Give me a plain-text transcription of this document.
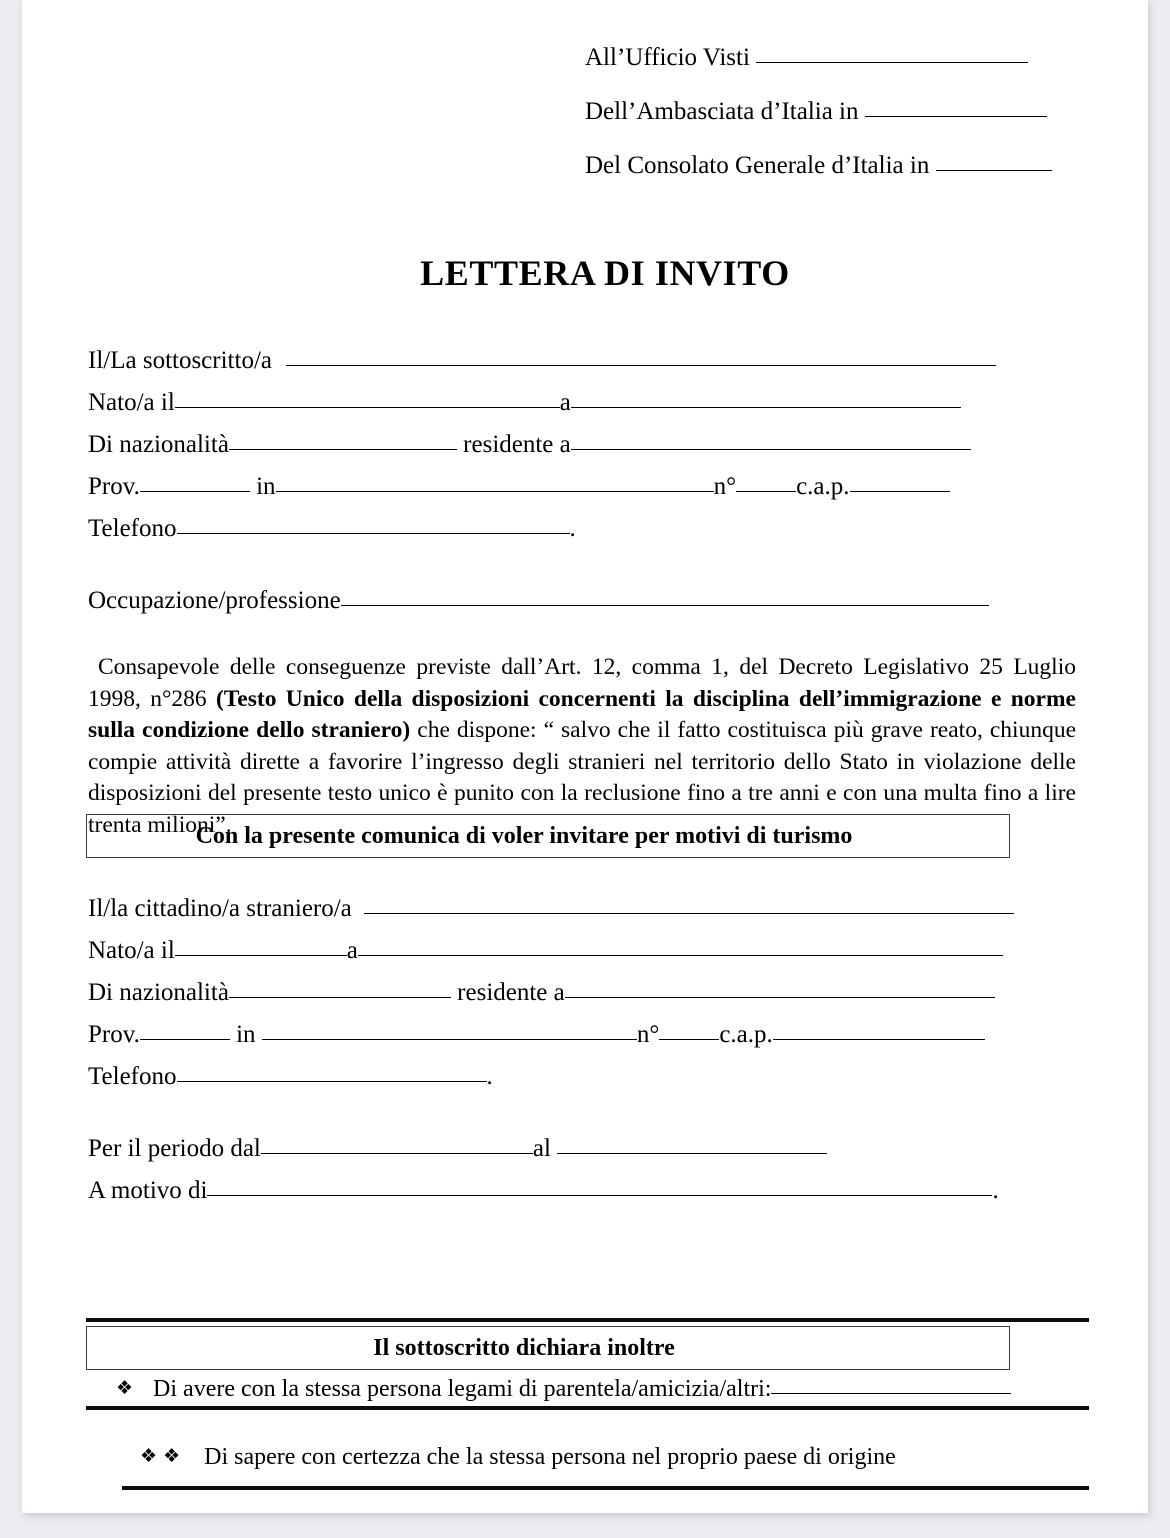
All’Ufficio Visti
Dell’Ambasciata d’Italia in
Del Consolato Generale d’Italia in
LETTERA DI INVITO
Il/La sottoscritto/a
Nato/a il	a
Di nazionalità	residente a
Prov.	in	n° c.a.p.
Telefono	.
Occupazione/professione
Consapevole delle conseguenze previste dall’Art. 12, comma 1, del Decreto Legislativo 25 Luglio 1998, n°286 (Testo Unico della disposizioni concernenti la disciplina dell’immigrazione e norme sulla condizione dello straniero) che dispone: “ salvo che il fatto costituisca più grave reato, chiunque compie attività dirette a favorire l’ingresso degli stranieri nel territorio dello Stato in violazione delle disposizioni del presente testo unico è punito con la reclusione fino a tre anni e con una multa fino a lire trenta milioni”.
Con la presente comunica di voler invitare per motivi di turismo
Il/la cittadino/a straniero/a
Nato/a il	a
Di nazionalità	residente a
Prov.	in	n° c.a.p.
Telefono	.
Per il periodo dal	al
A motivo di	.
Il sottoscritto dichiara inoltre
❖ Di avere con la stessa persona legami di parentela/amicizia/altri:
❖ ❖ Di sapere con certezza che la stessa persona nel proprio paese di origine
